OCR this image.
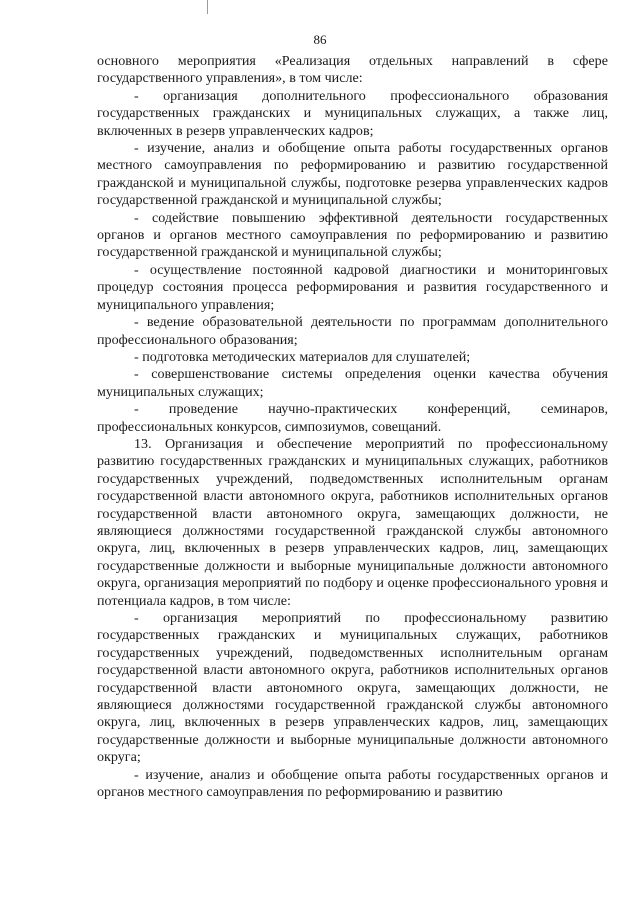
86

основного мероприятия «Реализация отдельных направлений в сфере государственного управления», в том числе:

- организация дополнительного профессионального образования государственных гражданских и муниципальных служащих, а также лиц, включенных в резерв управленческих кадров;

- изучение, анализ и обобщение опыта работы государственных органов местного самоуправления по реформированию и развитию государственной гражданской и муниципальной службы, подготовке резерва управленческих кадров государственной гражданской и муниципальной службы;

- содействие повышению эффективной деятельности государственных органов и органов местного самоуправления по реформированию и развитию государственной гражданской и муниципальной службы;

- осуществление постоянной кадровой диагностики и мониторинговых процедур состояния процесса реформирования и развития государственного и муниципального управления;

- ведение образовательной деятельности по программам дополнительного профессионального образования;

- подготовка методических материалов для слушателей;

- совершенствование системы определения оценки качества обучения муниципальных служащих;

- проведение научно-практических конференций, семинаров, профессиональных конкурсов, симпозиумов, совещаний.

13. Организация и обеспечение мероприятий по профессиональному развитию государственных гражданских и муниципальных служащих, работников государственных учреждений, подведомственных исполнительным органам государственной власти автономного округа, работников исполнительных органов государственной власти автономного округа, замещающих должности, не являющиеся должностями государственной гражданской службы автономного округа, лиц, включенных в резерв управленческих кадров, лиц, замещающих государственные должности и выборные муниципальные должности автономного округа, организация мероприятий по подбору и оценке профессионального уровня и потенциала кадров, в том числе:

- организация мероприятий по профессиональному развитию государственных гражданских и муниципальных служащих, работников государственных учреждений, подведомственных исполнительным органам государственной власти автономного округа, работников исполнительных органов государственной власти автономного округа, замещающих должности, не являющиеся должностями государственной гражданской службы автономного округа, лиц, включенных в резерв управленческих кадров, лиц, замещающих государственные должности и выборные муниципальные должности автономного округа;

- изучение, анализ и обобщение опыта работы государственных органов и органов местного самоуправления по реформированию и развитию
